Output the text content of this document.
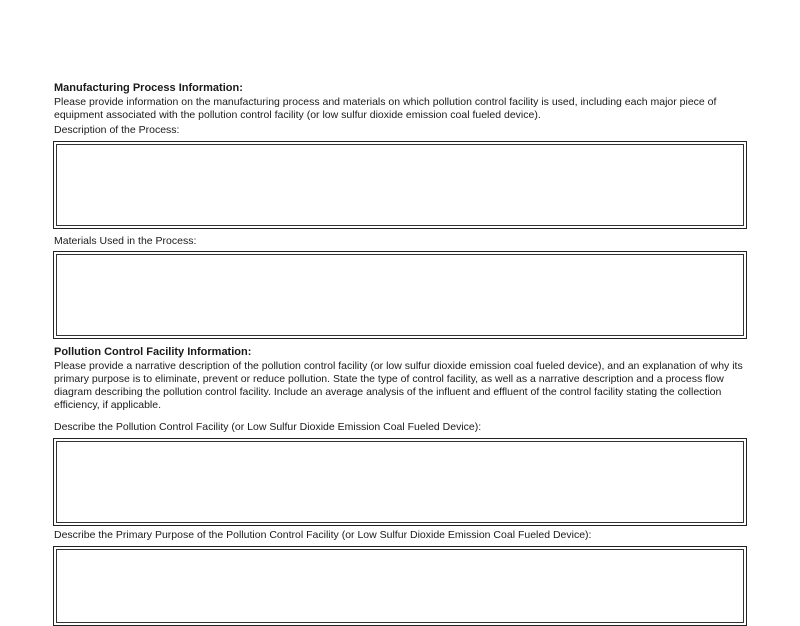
Manufacturing Process Information:

Please provide information on the manufacturing process and materials on which pollution control facility is used, including each major piece of equipment associated with the pollution control facility (or low sulfur dioxide emission coal fueled device).

Description of the Process:
Materials Used in the Process:
Pollution Control Facility Information:

Please provide a narrative description of the pollution control facility (or low sulfur dioxide emission coal fueled device), and an explanation of why its primary purpose is to eliminate, prevent or reduce pollution. State the type of control facility, as well as a narrative description and a process flow diagram describing the pollution control facility. Include an average analysis of the influent and effluent of the control facility stating the collection efficiency, if applicable.

Describe the Pollution Control Facility (or Low Sulfur Dioxide Emission Coal Fueled Device):
Describe the Primary Purpose of the Pollution Control Facility (or Low Sulfur Dioxide Emission Coal Fueled Device):
